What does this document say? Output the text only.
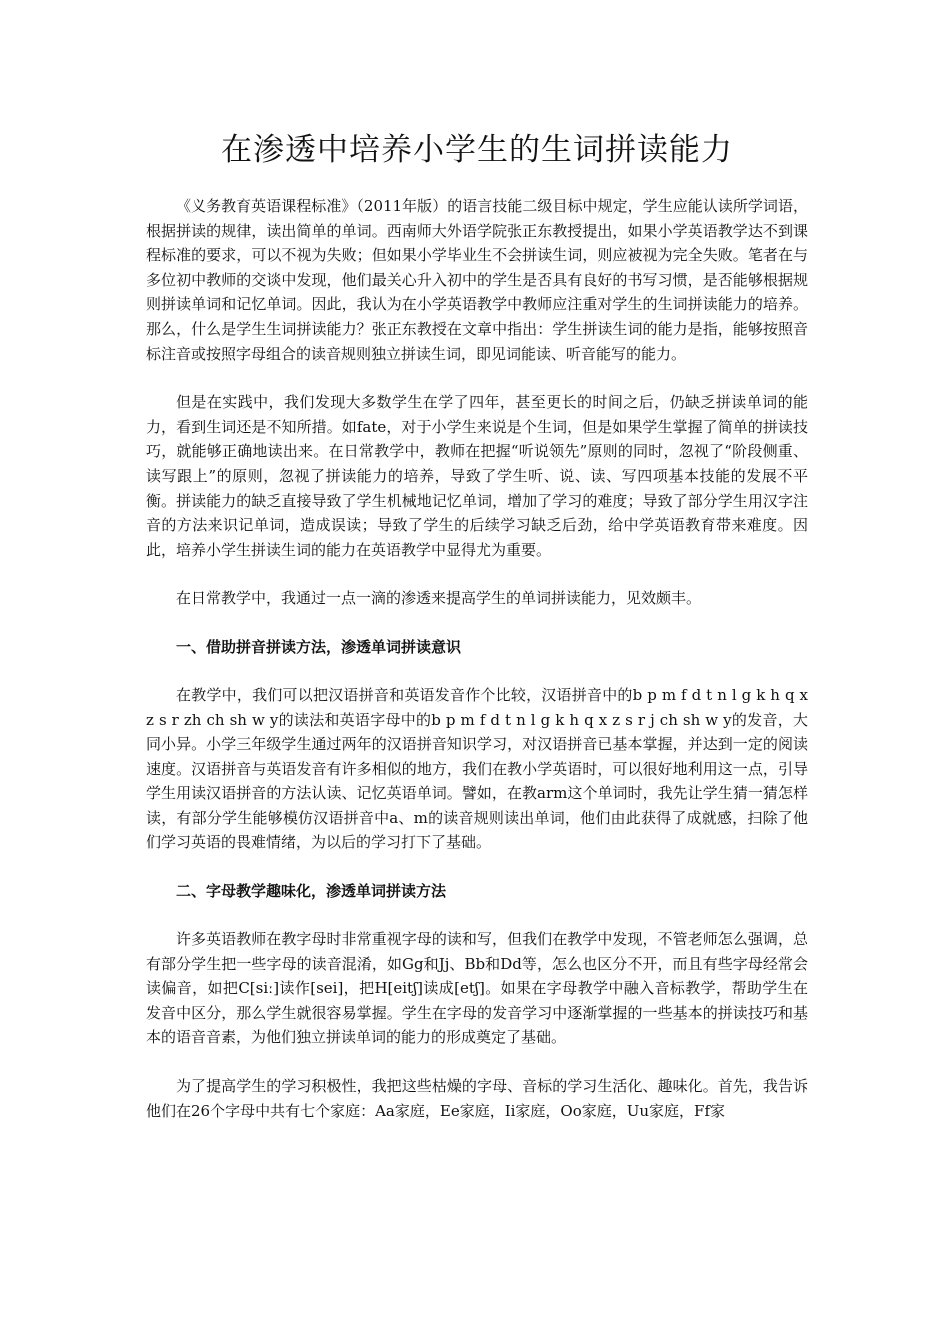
在渗透中培养小学生的生词拼读能力

《义务教育英语课程标准》（2011年版）的语言技能二级目标中规定，学生应能认读所学词语，根据拼读的规律，读出简单的单词。西南师大外语学院张正东教授提出，如果小学英语教学达不到课程标准的要求，可以不视为失败；但如果小学毕业生不会拼读生词，则应被视为完全失败。笔者在与多位初中教师的交谈中发现，他们最关心升入初中的学生是否具有良好的书写习惯，是否能够根据规则拼读单词和记忆单词。因此，我认为在小学英语教学中教师应注重对学生的生词拼读能力的培养。那么，什么是学生生词拼读能力？张正东教授在文章中指出：学生拼读生词的能力是指，能够按照音标注音或按照字母组合的读音规则独立拼读生词，即见词能读、听音能写的能力。

但是在实践中，我们发现大多数学生在学了四年，甚至更长的时间之后，仍缺乏拼读单词的能力，看到生词还是不知所措。如fate，对于小学生来说是个生词，但是如果学生掌握了简单的拼读技巧，就能够正确地读出来。在日常教学中，教师在把握“听说领先”原则的同时，忽视了“阶段侧重、读写跟上”的原则，忽视了拼读能力的培养，导致了学生听、说、读、写四项基本技能的发展不平衡。拼读能力的缺乏直接导致了学生机械地记忆单词，增加了学习的难度；导致了部分学生用汉字注音的方法来识记单词，造成误读；导致了学生的后续学习缺乏后劲，给中学英语教育带来难度。因此，培养小学生拼读生词的能力在英语教学中显得尤为重要。

在日常教学中，我通过一点一滴的渗透来提高学生的单词拼读能力，见效颇丰。

一、借助拼音拼读方法，渗透单词拼读意识

在教学中，我们可以把汉语拼音和英语发音作个比较，汉语拼音中的b p m f d t n l g k h q x z s r zh ch sh w y的读法和英语字母中的b p m f d t n l g k h q x z s r j ch sh w y的发音，大同小异。小学三年级学生通过两年的汉语拼音知识学习，对汉语拼音已基本掌握，并达到一定的阅读速度。汉语拼音与英语发音有许多相似的地方，我们在教小学英语时，可以很好地利用这一点，引导学生用读汉语拼音的方法认读、记忆英语单词。譬如，在教arm这个单词时，我先让学生猜一猜怎样读，有部分学生能够模仿汉语拼音中a、m的读音规则读出单词，他们由此获得了成就感，扫除了他们学习英语的畏难情绪，为以后的学习打下了基础。

二、字母教学趣味化，渗透单词拼读方法

许多英语教师在教字母时非常重视字母的读和写，但我们在教学中发现，不管老师怎么强调，总有部分学生把一些字母的读音混淆，如Gg和Jj、Bb和Dd等，怎么也区分不开，而且有些字母经常会读偏音，如把C[siː]读作[sei]，把H[eitʃ]读成[etʃ]。如果在字母教学中融入音标教学，帮助学生在发音中区分，那么学生就很容易掌握。学生在字母的发音学习中逐渐掌握的一些基本的拼读技巧和基本的语音音素，为他们独立拼读单词的能力的形成奠定了基础。

为了提高学生的学习积极性，我把这些枯燥的字母、音标的学习生活化、趣味化。首先，我告诉他们在26个字母中共有七个家庭：Aa家庭，Ee家庭，Ii家庭，Oo家庭，Uu家庭，Ff家
